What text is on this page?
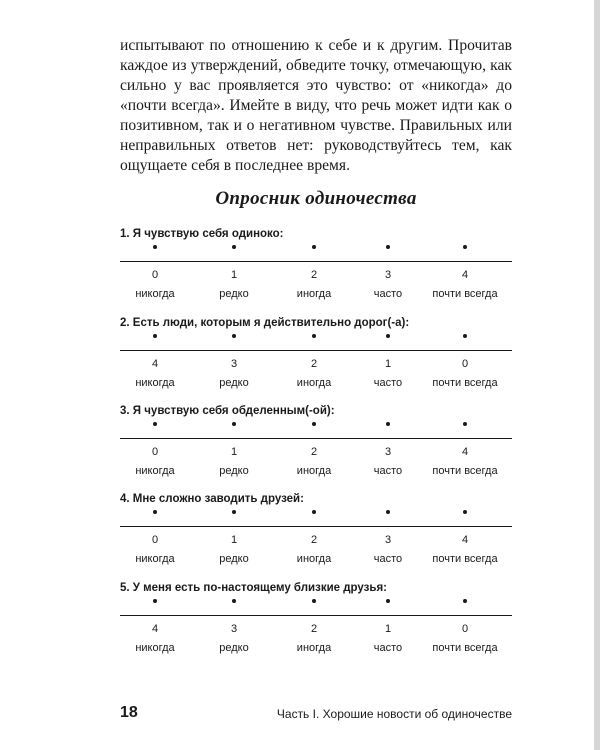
испытывают по отношению к себе и к другим. Прочитав каждое из утверждений, обведите точку, отмечающую, как сильно у вас проявляется это чувство: от «никогда» до «почти всегда». Имейте в виду, что речь может идти как о позитивном, так и о негативном чувстве. Правильных или неправильных ответов нет: руководствуйтесь тем, как ощущаете себя в последнее время.

Опросник одиночества
1. Я чувствую себя одиноко:
0
никогда
1
редко
2
иногда
3
часто
4
почти всегда
2. Есть люди, которым я действительно дорог(-а):
4
никогда
3
редко
2
иногда
1
часто
0
почти всегда
3. Я чувствую себя обделенным(-ой):
0
никогда
1
редко
2
иногда
3
часто
4
почти всегда
4. Мне сложно заводить друзей:
0
никогда
1
редко
2
иногда
3
часто
4
почти всегда
5. У меня есть по-настоящему близкие друзья:
4
никогда
3
редко
2
иногда
1
часто
0
почти всегда
18	Часть I. Хорошие новости об одиночестве
